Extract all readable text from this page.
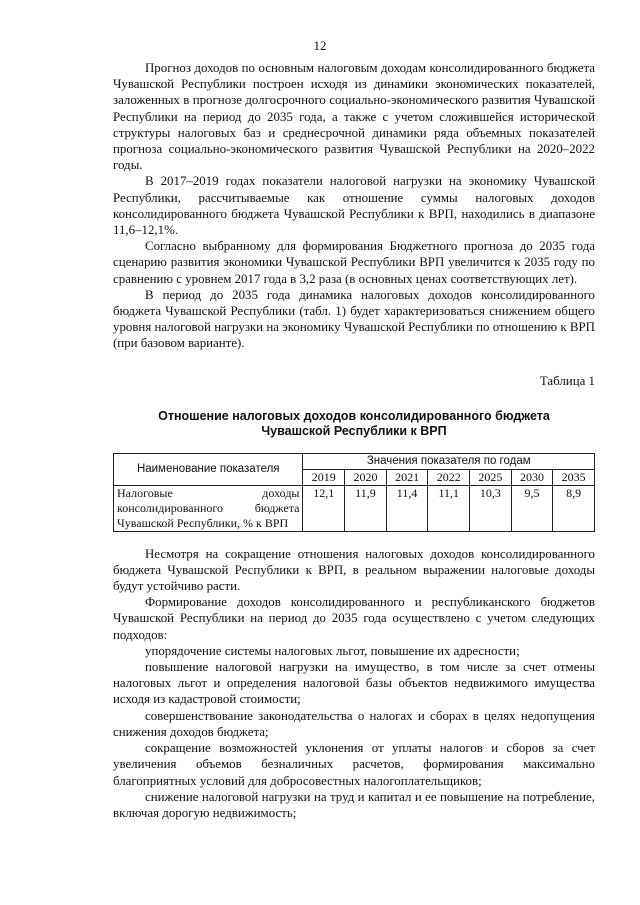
12

Прогноз доходов по основным налоговым доходам консолидированного бюджета Чувашской Республики построен исходя из динамики экономических показателей, заложенных в прогнозе долгосрочного социально-экономического развития Чувашской Республики на период до 2035 года, а также с учетом сложившейся исторической структуры налоговых баз и среднесрочной динамики ряда объемных показателей прогноза социально-экономического развития Чувашской Республики на 2020–2022 годы.

В 2017–2019 годах показатели налоговой нагрузки на экономику Чувашской Республики, рассчитываемые как отношение суммы налоговых доходов консолидированного бюджета Чувашской Республики к ВРП, находились в диапазоне 11,6–12,1%.

Согласно выбранному для формирования Бюджетного прогноза до 2035 года сценарию развития экономики Чувашской Республики ВРП увеличится к 2035 году по сравнению с уровнем 2017 года в 3,2 раза (в основных ценах соответствующих лет).

В период до 2035 года динамика налоговых доходов консолидированного бюджета Чувашской Республики (табл. 1) будет характеризоваться снижением общего уровня налоговой нагрузки на экономику Чувашской Республики по отношению к ВРП (при базовом варианте).

Таблица 1
Отношение налоговых доходов консолидированного бюджета
Чувашской Республики к ВРП
Наименование показателя	Значения показателя по годам						
	2019	2020	2021	2022	2025	2030	2035
Налоговые доходы консолидированного бюджета Чувашской Республики, % к ВРП	12,1	11,9	11,4	11,1	10,3	9,5	8,9

Несмотря на сокращение отношения налоговых доходов консолидированного бюджета Чувашской Республики к ВРП, в реальном выражении налоговые доходы будут устойчиво расти.

Формирование доходов консолидированного и республиканского бюджетов Чувашской Республики на период до 2035 года осуществлено с учетом следующих подходов:

упорядочение системы налоговых льгот, повышение их адресности;

повышение налоговой нагрузки на имущество, в том числе за счет отмены налоговых льгот и определения налоговой базы объектов недвижимого имущества исходя из кадастровой стоимости;

совершенствование законодательства о налогах и сборах в целях недопущения снижения доходов бюджета;

сокращение возможностей уклонения от уплаты налогов и сборов за счет увеличения объемов безналичных расчетов, формирования максимально благоприятных условий для добросовестных налогоплательщиков;

снижение налоговой нагрузки на труд и капитал и ее повышение на потребление, включая дорогую недвижимость;
